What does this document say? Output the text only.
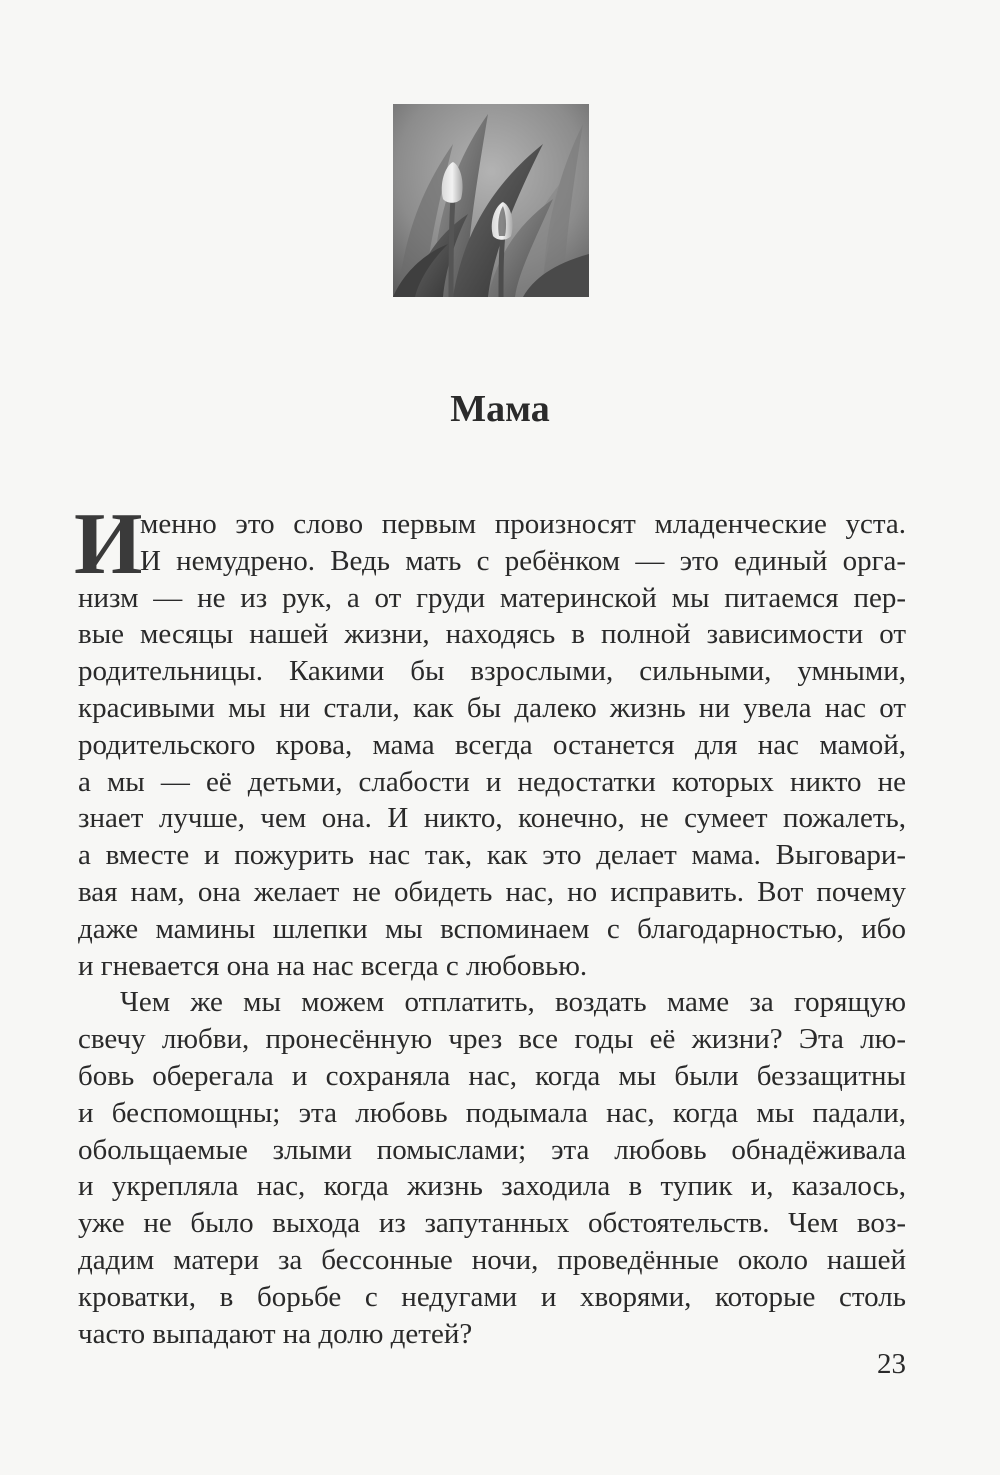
Мама
И
менно это слово первым произносят младенческие уста.
И немудрено. Ведь мать с ребёнком — это единый орга-
низм — не из рук, а от груди материнской мы питаемся пер-
вые месяцы нашей жизни, находясь в полной зависимости от
родительницы. Какими бы взрослыми, сильными, умными,
красивыми мы ни стали, как бы далеко жизнь ни увела нас от
родительского крова, мама всегда останется для нас мамой,
а мы — её детьми, слабости и недостатки которых никто не
знает лучше, чем она. И никто, конечно, не сумеет пожалеть,
а вместе и пожурить нас так, как это делает мама. Выговари-
вая нам, она желает не обидеть нас, но исправить. Вот почему
даже мамины шлепки мы вспоминаем с благодарностью, ибо
и гневается она на нас всегда с любовью.
Чем же мы можем отплатить, воздать маме за горящую
свечу любви, пронесённую чрез все годы её жизни? Эта лю-
бовь оберегала и сохраняла нас, когда мы были беззащитны
и беспомощны; эта любовь подымала нас, когда мы падали,
обольщаемые злыми помыслами; эта любовь обнадёживала
и укрепляла нас, когда жизнь заходила в тупик и, казалось,
уже не было выхода из запутанных обстоятельств. Чем воз-
дадим матери за бессонные ночи, проведённые около нашей
кроватки, в борьбе с недугами и хворями, которые столь
часто выпадают на долю детей?
23
